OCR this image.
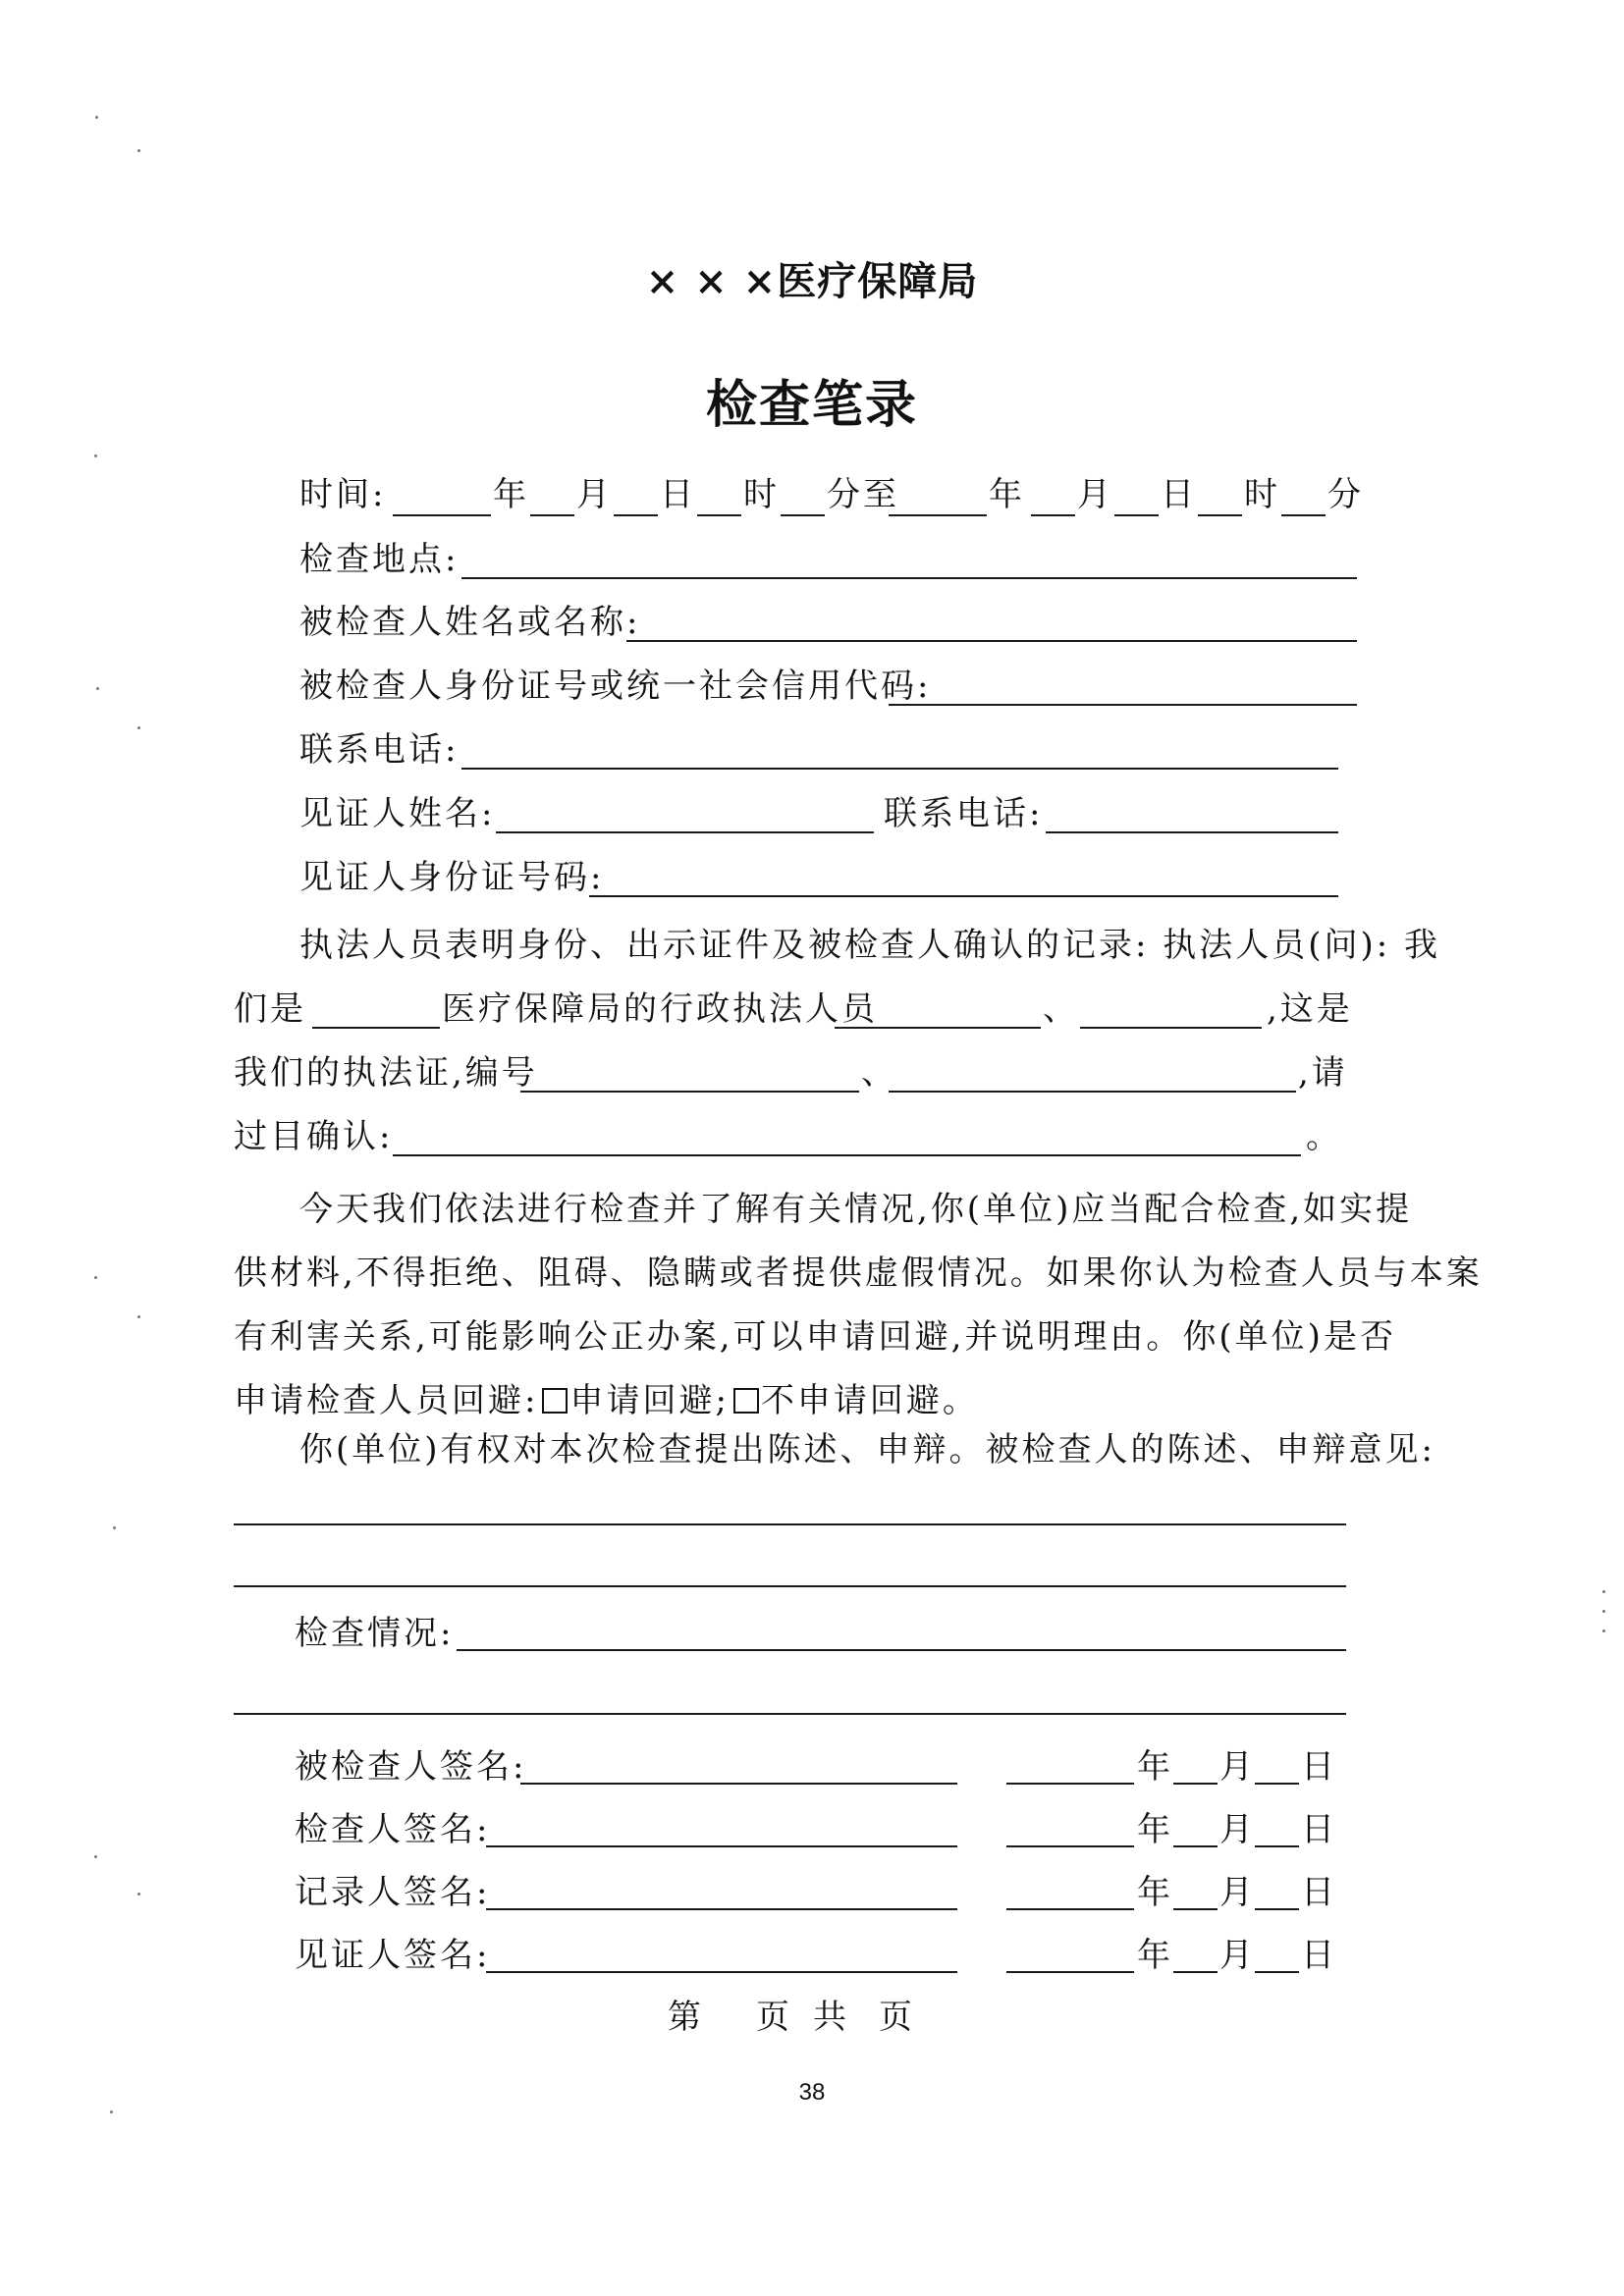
× × ×医疗保障局
检查笔录
时间:	年 月 日 时 分至	年 月 日 时 分
检查地点:
被检查人姓名或名称:
被检查人身份证号或统一社会信用代码:
联系电话:
见证人姓名:	联系电话:
见证人身份证号码:
执法人员表明身份、出示证件及被检查人确认的记录: 执法人员(问): 我
们是	医疗保障局的行政执法人员	、	,这是
我们的执法证,编号	、	,请
过目确认:	。
今天我们依法进行检查并了解有关情况,你(单位)应当配合检查,如实提
供材料,不得拒绝、阻碍、隐瞒或者提供虚假情况。如果你认为检查人员与本案
有利害关系,可能影响公正办案,可以申请回避,并说明理由。你(单位)是否
申请检查人员回避: 申请回避; 不申请回避。
你(单位)有权对本次检查提出陈述、申辩。被检查人的陈述、申辩意见:
检查情况:
被检查人签名:	年 月 日
检查人签名:	年 月 日
记录人签名:	年 月 日
见证人签名:	年 月 日
第 页共 页
38
